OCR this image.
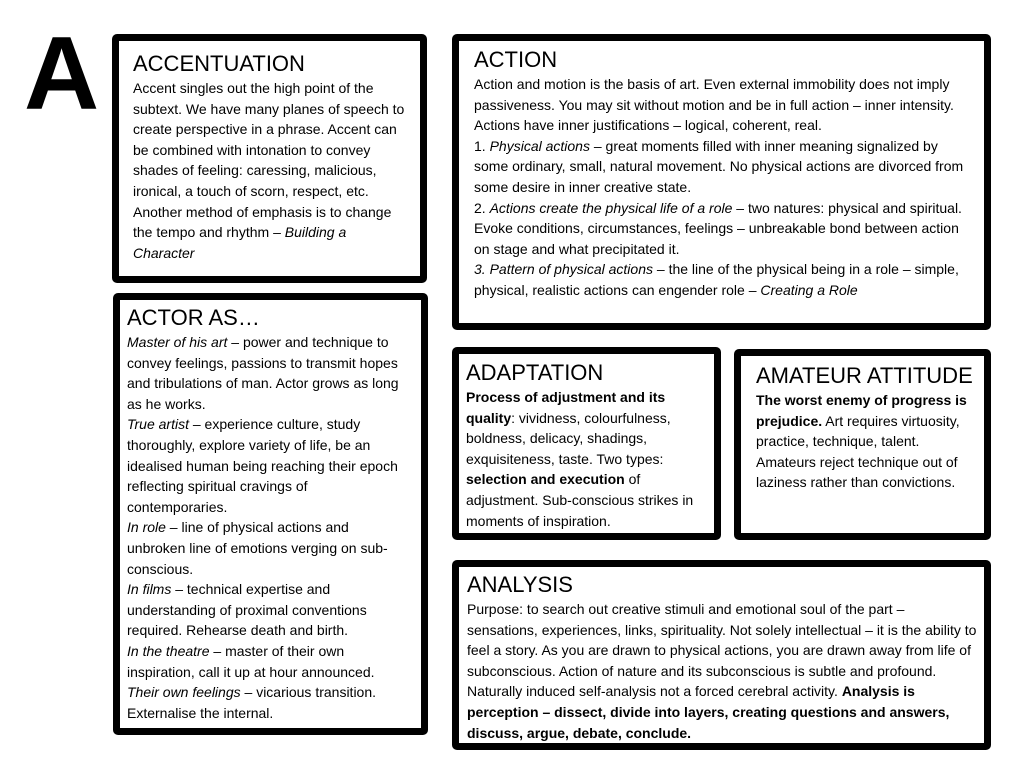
A ACCENTUATION
Accent singles out the high point of the subtext. We have many planes of speech to create perspective in a phrase. Accent can be combined with intonation to convey shades of feeling: caressing, malicious, ironical, a touch of scorn, respect, etc. Another method of emphasis is to change the tempo and rhythm – Building a Character
ACTION
Action and motion is the basis of art. Even external immobility does not imply passiveness. You may sit without motion and be in full action – inner intensity. Actions have inner justifications – logical, coherent, real.
1. Physical actions – great moments filled with inner meaning signalized by some ordinary, small, natural movement. No physical actions are divorced from some desire in inner creative state.
2. Actions create the physical life of a role – two natures: physical and spiritual. Evoke conditions, circumstances, feelings – unbreakable bond between action on stage and what precipitated it.
3. Pattern of physical actions – the line of the physical being in a role – simple, physical, realistic actions can engender role – Creating a Role
ACTOR AS…
Master of his art – power and technique to convey feelings, passions to transmit hopes and tribulations of man. Actor grows as long as he works.
True artist – experience culture, study thoroughly, explore variety of life, be an idealised human being reaching their epoch reflecting spiritual cravings of contemporaries.
In role – line of physical actions and unbroken line of emotions verging on sub-conscious.
In films – technical expertise and understanding of proximal conventions required. Rehearse death and birth.
In the theatre – master of their own inspiration, call it up at hour announced.
Their own feelings – vicarious transition. Externalise the internal.
ADAPTATION
Process of adjustment and its quality: vividness, colourfulness, boldness, delicacy, shadings, exquisiteness, taste. Two types: selection and execution of adjustment. Sub-conscious strikes in moments of inspiration.
AMATEUR ATTITUDE
The worst enemy of progress is prejudice. Art requires virtuosity, practice, technique, talent. Amateurs reject technique out of laziness rather than convictions.
ANALYSIS
Purpose: to search out creative stimuli and emotional soul of the part – sensations, experiences, links, spirituality. Not solely intellectual – it is the ability to feel a story. As you are drawn to physical actions, you are drawn away from life of subconscious. Action of nature and its subconscious is subtle and profound. Naturally induced self-analysis not a forced cerebral activity. Analysis is perception – dissect, divide into layers, creating questions and answers, discuss, argue, debate, conclude.
